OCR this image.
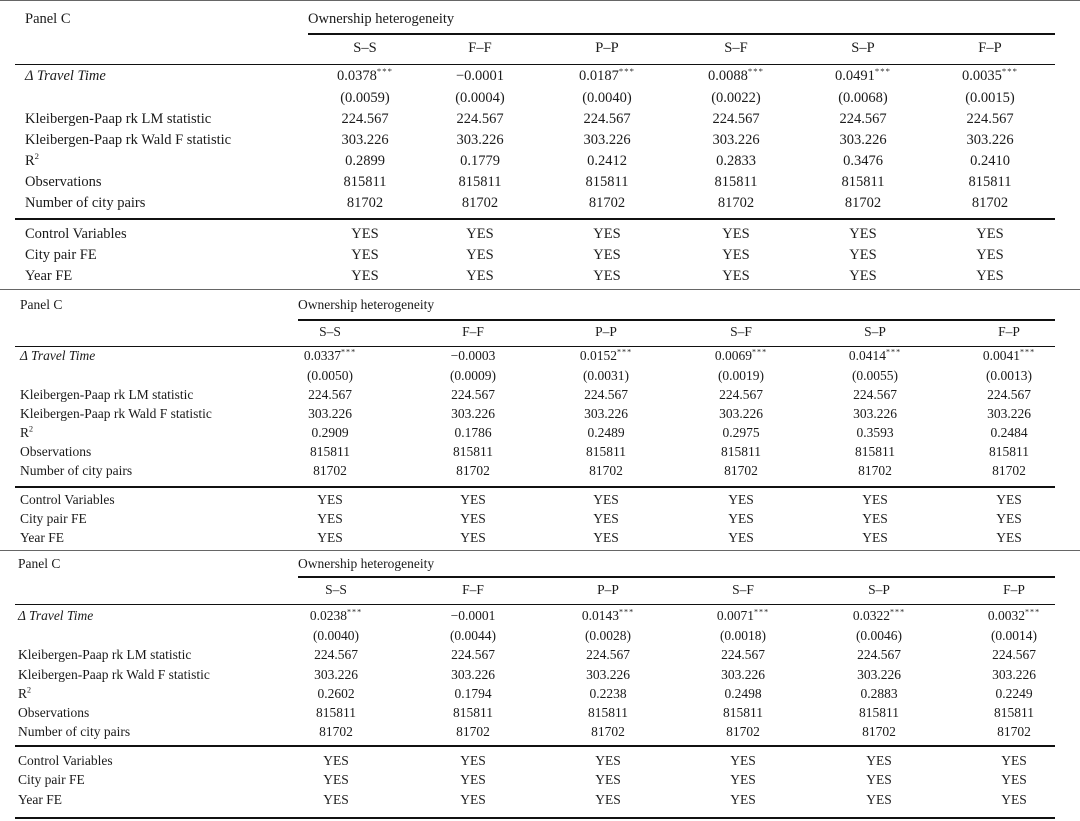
Panel C	Ownership heterogeneity
S–S	F–F	P–P	S–F	S–P	F–P
Δ Travel Time	0.0378***	−0.0001	0.0187***	0.0088***	0.0491***	0.0035***
(0.0059)	(0.0004)	(0.0040)	(0.0022)	(0.0068)	(0.0015)
Kleibergen-Paap rk LM statistic	224.567	224.567	224.567	224.567	224.567	224.567
Kleibergen-Paap rk Wald F statistic	303.226	303.226	303.226	303.226	303.226	303.226
$R^2$	0.2899	0.1779	0.2412	0.2833	0.3476	0.2410
Observations	815811	815811	815811	815811	815811	815811
Number of city pairs	81702	81702	81702	81702	81702	81702
Control Variables	YES	YES	YES	YES	YES	YES
City pair FE	YES	YES	YES	YES	YES	YES
Year FE	YES	YES	YES	YES	YES	YES
Panel C	Ownership heterogeneity
S–S	F–F	P–P	S–F	S–P	F–P
Δ Travel Time	0.0337***	−0.0003	0.0152***	0.0069***	0.0414***	0.0041***
(0.0050)	(0.0009)	(0.0031)	(0.0019)	(0.0055)	(0.0013)
Kleibergen-Paap rk LM statistic	224.567	224.567	224.567	224.567	224.567	224.567
Kleibergen-Paap rk Wald F statistic	303.226	303.226	303.226	303.226	303.226	303.226
$R^2$	0.2909	0.1786	0.2489	0.2975	0.3593	0.2484
Observations	815811	815811	815811	815811	815811	815811
Number of city pairs	81702	81702	81702	81702	81702	81702
Control Variables	YES	YES	YES	YES	YES	YES
City pair FE	YES	YES	YES	YES	YES	YES
Year FE	YES	YES	YES	YES	YES	YES
Panel C	Ownership heterogeneity
S–S	F–F	P–P	S–F	S–P	F–P
Δ Travel Time	0.0238***	−0.0001	0.0143***	0.0071***	0.0322***	0.0032***
(0.0040)	(0.0044)	(0.0028)	(0.0018)	(0.0046)	(0.0014)
Kleibergen-Paap rk LM statistic	224.567	224.567	224.567	224.567	224.567	224.567
Kleibergen-Paap rk Wald F statistic	303.226	303.226	303.226	303.226	303.226	303.226
$R^2$	0.2602	0.1794	0.2238	0.2498	0.2883	0.2249
Observations	815811	815811	815811	815811	815811	815811
Number of city pairs	81702	81702	81702	81702	81702	81702
Control Variables	YES	YES	YES	YES	YES	YES
City pair FE	YES	YES	YES	YES	YES	YES
Year FE	YES	YES	YES	YES	YES	YES
